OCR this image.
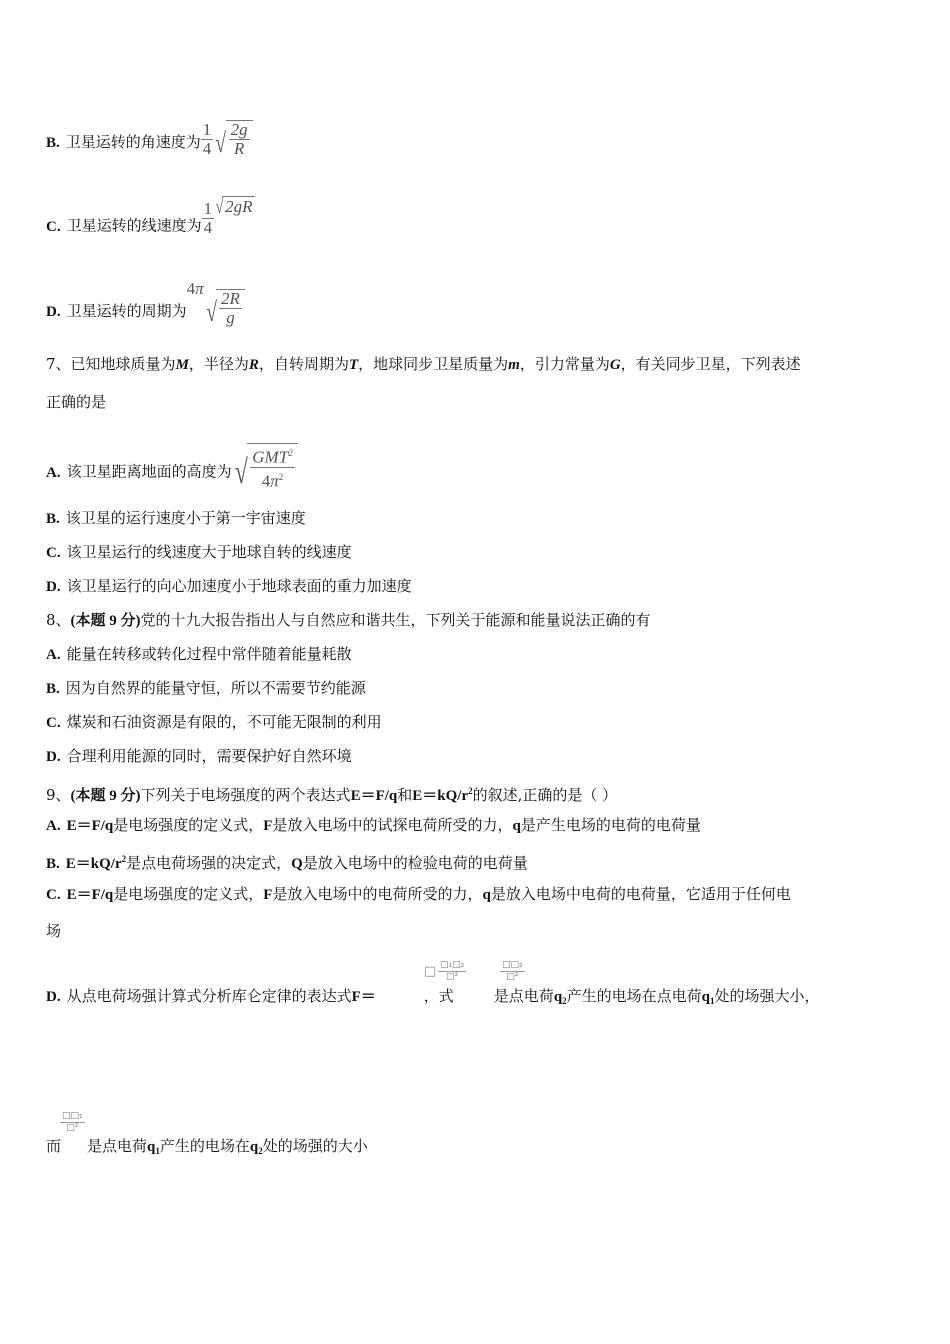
B. 卫星运转的角速度为 $\frac{1}{4}$ √ $\frac{2g}{R}$
C. 卫星运转的线速度为 $\frac{1}{4}$ √ 2gR
D. 卫星运转的周期为4π
√ $\frac{2R}{g}$
7、已知地球质量为M，半径为R，自转周期为T，地球同步卫星质量为m，引力常量为G，有关同步卫星，下列表述
正确的是
A. 该卫星距离地面的高度为 √ $\frac{GMT^2}{4\pi^2}$
B. 该卫星的运行速度小于第一宇宙速度
C. 该卫星运行的线速度大于地球自转的线速度
D. 该卫星运行的向心加速度小于地球表面的重力加速度
8、(本题 9 分)党的十九大报告指出人与自然应和谐共生，下列关于能源和能量说法正确的有
A. 能量在转移或转化过程中常伴随着能量耗散
B. 因为自然界的能量守恒，所以不需要节约能源
C. 煤炭和石油资源是有限的，不可能无限制的利用
D. 合理利用能源的同时，需要保护好自然环境
9、(本题 9 分)下列关于电场强度的两个表达式E＝F/q和$E=kQ/r^2$的叙述,正确的是（ ）
A. E＝F/q是电场强度的定义式，F是放入电场中的试探电荷所受的力，q是产生电场的电荷的电荷量
B. $E=kQ/r^2$是点电荷场强的决定式，Q是放入电场中的检验电荷的电荷量
C. E＝F/q是电场强度的定义式，F是放入电场中的电荷所受的力，q是放入电场中电荷的电荷量，它适用于任何电
场
D. 从点电荷场强计算式分析库仑定律的表达式F＝	，式	是点电荷$q_2$产生的电场在点电荷$q_1$处的场强大小，
□ □₁□₂
□²
□□₂
□²
而 是点电荷$q_1$产生的电场在$q_2$处的场强的大小
□□₁
□²
